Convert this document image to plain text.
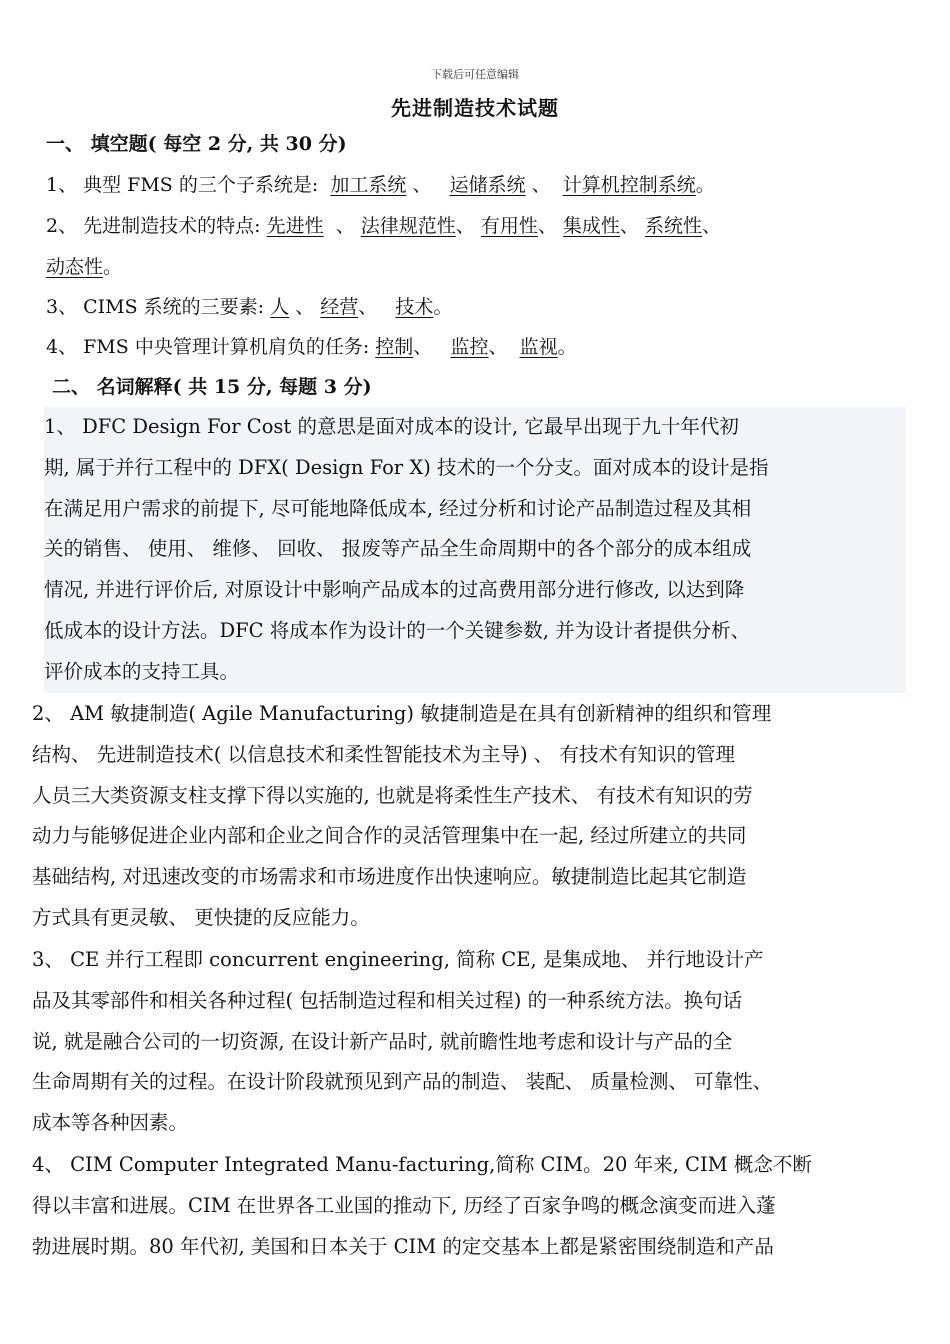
下载后可任意编辑
先进制造技术试题
一、 填空题( 每空 2 分, 共 30 分)
1、 典型 FMS 的三个子系统是: 加工系统 、 运储系统 、 计算机控制系统。
2、 先进制造技术的特点: 先进性 、 法律规范性、 有用性、 集成性、 系统性、
动态性。
3、 CIMS 系统的三要素: 人 、 经营、 技术。
4、 FMS 中央管理计算机肩负的任务: 控制、 监控、 监视。
二、 名词解释( 共 15 分, 每题 3 分)
1、 DFC Design For Cost 的意思是面对成本的设计, 它最早出现于九十年代初
期, 属于并行工程中的 DFX( Design For X) 技术的一个分支。面对成本的设计是指
在满足用户需求的前提下, 尽可能地降低成本, 经过分析和讨论产品制造过程及其相
关的销售、 使用、 维修、 回收、 报废等产品全生命周期中的各个部分的成本组成
情况, 并进行评价后, 对原设计中影响产品成本的过高费用部分进行修改, 以达到降
低成本的设计方法。DFC 将成本作为设计的一个关键参数, 并为设计者提供分析、
评价成本的支持工具。
2、 AM 敏捷制造( Agile Manufacturing) 敏捷制造是在具有创新精神的组织和管理
结构、 先进制造技术( 以信息技术和柔性智能技术为主导) 、 有技术有知识的管理
人员三大类资源支柱支撑下得以实施的, 也就是将柔性生产技术、 有技术有知识的劳
动力与能够促进企业内部和企业之间合作的灵活管理集中在一起, 经过所建立的共同
基础结构, 对迅速改变的市场需求和市场进度作出快速响应。敏捷制造比起其它制造
方式具有更灵敏、 更快捷的反应能力。
3、 CE 并行工程即 concurrent engineering, 简称 CE, 是集成地、 并行地设计产
品及其零部件和相关各种过程( 包括制造过程和相关过程) 的一种系统方法。换句话
说, 就是融合公司的一切资源, 在设计新产品时, 就前瞻性地考虑和设计与产品的全
生命周期有关的过程。在设计阶段就预见到产品的制造、 装配、 质量检测、 可靠性、
成本等各种因素。
4、 CIM Computer Integrated Manu-facturing,简称 CIM。20 年来, CIM 概念不断
得以丰富和进展。CIM 在世界各工业国的推动下, 历经了百家争鸣的概念演变而进入蓬
勃进展时期。80 年代初, 美国和日本关于 CIM 的定交基本上都是紧密围绕制造和产品
